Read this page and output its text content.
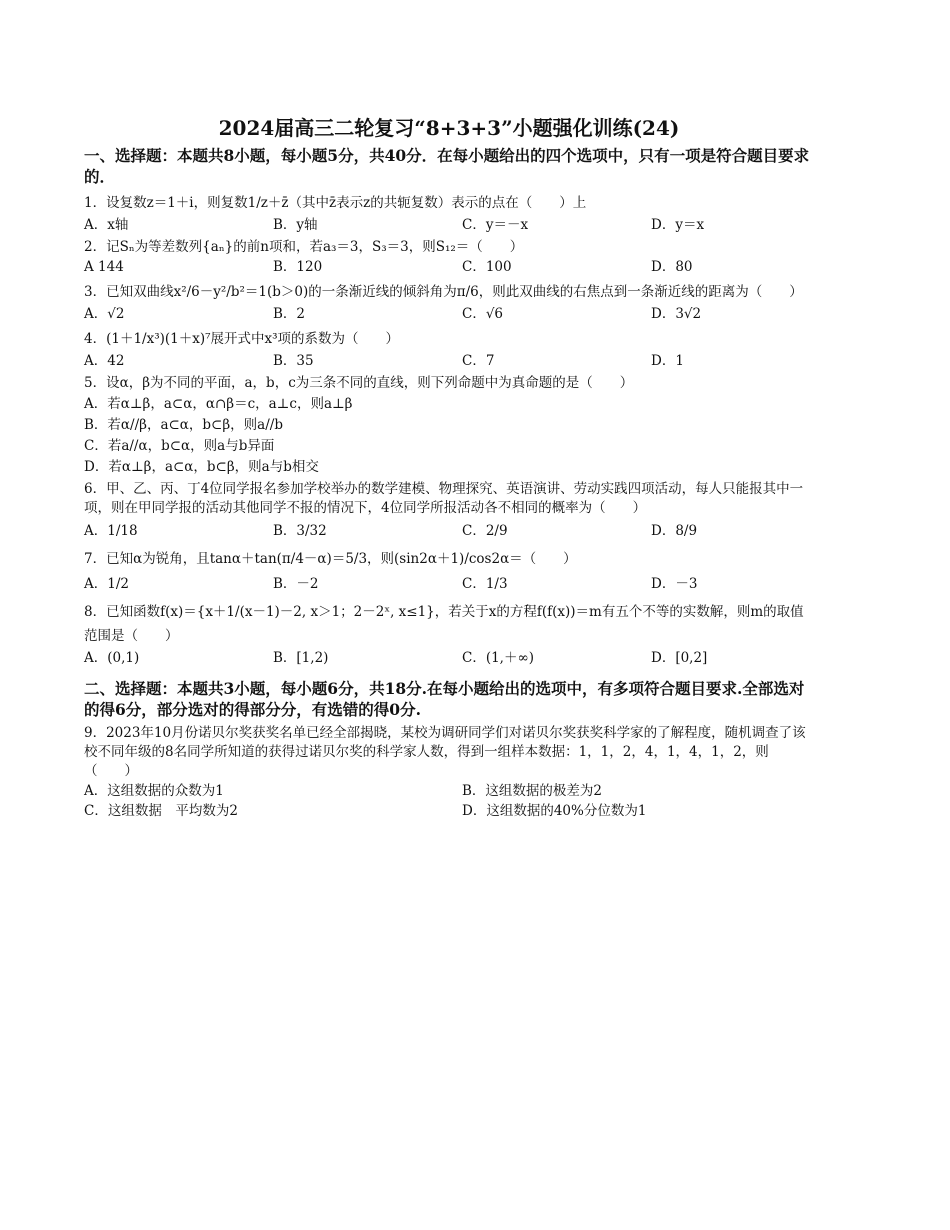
2024届高三二轮复习“8+3+3”小题强化训练(24)
一、选择题：本题共8小题，每小题5分，共40分．在每小题给出的四个选项中，只有一项是符合题目要求的．
1．设复数z＝1＋i，则复数1/z＋z̄（其中z̄表示z的共轭复数）表示的点在（　　）上
A．x轴	B．y轴	C．y＝－x	D．y＝x
2．记Sₙ为等差数列{aₙ}的前n项和，若a₃＝3，S₃＝3，则S₁₂＝（　　）
A 144	B．120	C．100	D．80
3．已知双曲线x²/6－y²/b²＝1(b＞0)的一条渐近线的倾斜角为π/6，则此双曲线的右焦点到一条渐近线的距离为（　　）
A．√2	B．2	C．√6	D．3√2
4．(1＋1/x³)(1＋x)⁷展开式中x³项的系数为（　　）
A．42	B．35	C．7	D．1
5．设α，β为不同的平面，a，b，c为三条不同的直线，则下列命题中为真命题的是（　　）
A．若α⊥β，a⊂α，α∩β＝c，a⊥c，则a⊥β
B．若α//β，a⊂α，b⊂β，则a//b
C．若a//α，b⊂α，则a与b异面
D．若α⊥β，a⊂α，b⊂β，则a与b相交
6．甲、乙、丙、丁4位同学报名参加学校举办的数学建模、物理探究、英语演讲、劳动实践四项活动，每人只能报其中一项，则在甲同学报的活动其他同学不报的情况下，4位同学所报活动各不相同的概率为（　　）
A．1/18	B．3/32	C．2/9	D．8/9
7．已知α为锐角，且tanα＋tan(π/4－α)＝5/3，则(sin2α＋1)/cos2α＝（　　）
A．1/2	B．－2	C．1/3	D．－3
8．已知函数f(x)＝{x＋1/(x－1)－2, x＞1；2－2ˣ, x≤1}，若关于x的方程f(f(x))＝m有五个不等的实数解，则m的取值范围是（　　）
A．(0,1)	B．[1,2)	C．(1,＋∞)	D．[0,2]
二、选择题：本题共3小题，每小题6分，共18分.在每小题给出的选项中，有多项符合题目要求.全部选对的得6分，部分选对的得部分分，有选错的得0分.
9．2023年10月份诺贝尔奖获奖名单已经全部揭晓，某校为调研同学们对诺贝尔奖获奖科学家的了解程度，随机调查了该校不同年级的8名同学所知道的获得过诺贝尔奖的科学家人数，得到一组样本数据：1，1，2，4，1，4，1，2，则（　　）
A．这组数据的众数为1	B．这组数据的极差为2
C．这组数据　平均数为2	D．这组数据的40%分位数为1
